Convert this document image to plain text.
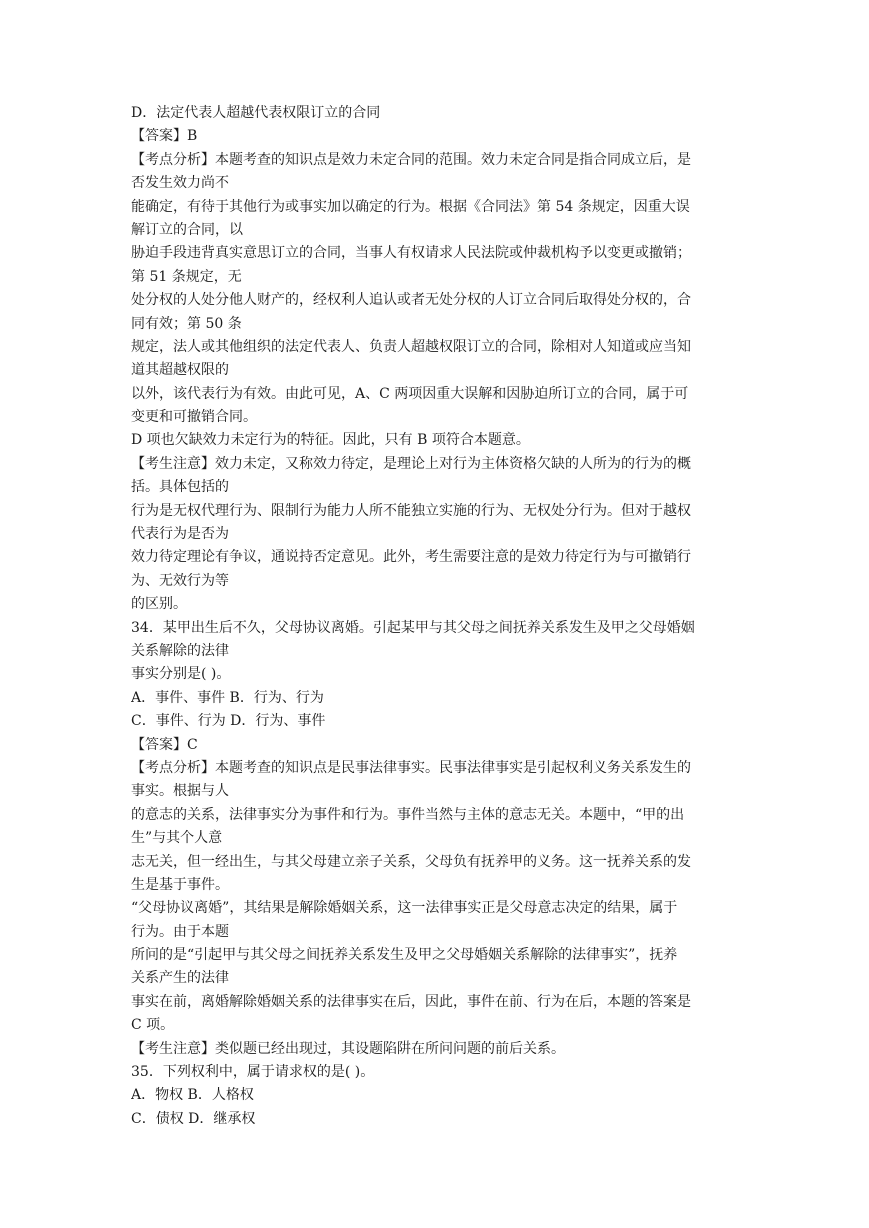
D．法定代表人超越代表权限订立的合同
【答案】B
【考点分析】本题考查的知识点是效力未定合同的范围。效力未定合同是指合同成立后，是
否发生效力尚不
能确定，有待于其他行为或事实加以确定的行为。根据《合同法》第 54 条规定，因重大误
解订立的合同，以
胁迫手段违背真实意思订立的合同，当事人有权请求人民法院或仲裁机构予以变更或撤销；
第 51 条规定，无
处分权的人处分他人财产的，经权利人追认或者无处分权的人订立合同后取得处分权的，合
同有效；第 50 条
规定，法人或其他组织的法定代表人、负责人超越权限订立的合同，除相对人知道或应当知
道其超越权限的
以外，该代表行为有效。由此可见，A、C 两项因重大误解和因胁迫所订立的合同，属于可
变更和可撤销合同。
D 项也欠缺效力未定行为的特征。因此，只有 B 项符合本题意。
【考生注意】效力未定，又称效力待定，是理论上对行为主体资格欠缺的人所为的行为的概
括。具体包括的
行为是无权代理行为、限制行为能力人所不能独立实施的行为、无权处分行为。但对于越权
代表行为是否为
效力待定理论有争议，通说持否定意见。此外，考生需要注意的是效力待定行为与可撤销行
为、无效行为等
的区别。
34．某甲出生后不久，父母协议离婚。引起某甲与其父母之间抚养关系发生及甲之父母婚姻
关系解除的法律
事实分别是( )。
A．事件、事件 B．行为、行为
C．事件、行为 D．行为、事件
【答案】C
【考点分析】本题考查的知识点是民事法律事实。民事法律事实是引起权利义务关系发生的
事实。根据与人
的意志的关系，法律事实分为事件和行为。事件当然与主体的意志无关。本题中，“甲的出
生”与其个人意
志无关，但一经出生，与其父母建立亲子关系，父母负有抚养甲的义务。这一抚养关系的发
生是基于事件。
“父母协议离婚”，其结果是解除婚姻关系，这一法律事实正是父母意志决定的结果，属于
行为。由于本题
所问的是“引起甲与其父母之间抚养关系发生及甲之父母婚姻关系解除的法律事实”，抚养
关系产生的法律
事实在前，离婚解除婚姻关系的法律事实在后，因此，事件在前、行为在后，本题的答案是
C 项。
【考生注意】类似题已经出现过，其设题陷阱在所问问题的前后关系。
35．下列权利中，属于请求权的是( )。
A．物权 B．人格权
C．债权 D．继承权
